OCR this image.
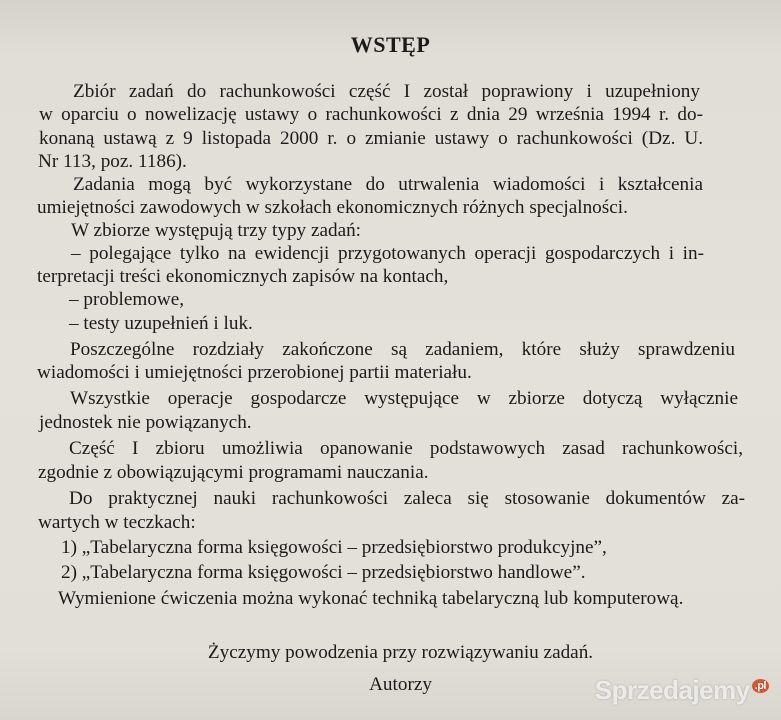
WSTĘP
Zbiór zadań do rachunkowości część I został poprawiony i uzupełniony
w oparciu o nowelizację ustawy o rachunkowości z dnia 29 września 1994 r. do-
konaną ustawą z 9 listopada 2000 r. o zmianie ustawy o rachunkowości (Dz. U.
Nr 113, poz. 1186).
Zadania mogą być wykorzystane do utrwalenia wiadomości i kształcenia
umiejętności zawodowych w szkołach ekonomicznych różnych specjalności.
W zbiorze występują trzy typy zadań:
– polegające tylko na ewidencji przygotowanych operacji gospodarczych i in-
terpretacji treści ekonomicznych zapisów na kontach,
– problemowe,
– testy uzupełnień i luk.
Poszczególne rozdziały zakończone są zadaniem, które służy sprawdzeniu
wiadomości i umiejętności przerobionej partii materiału.
Wszystkie operacje gospodarcze występujące w zbiorze dotyczą wyłącznie
jednostek nie powiązanych.
Część I zbioru umożliwia opanowanie podstawowych zasad rachunkowości,
zgodnie z obowiązującymi programami nauczania.
Do praktycznej nauki rachunkowości zaleca się stosowanie dokumentów za-
wartych w teczkach:
1) „Tabelaryczna forma księgowości – przedsiębiorstwo produkcyjne”,
2) „Tabelaryczna forma księgowości – przedsiębiorstwo handlowe”.
Wymienione ćwiczenia można wykonać techniką tabelaryczną lub komputerową.
Życzymy powodzenia przy rozwiązywaniu zadań.
Autorzy	Sprzedajemy $^{.pl}$
